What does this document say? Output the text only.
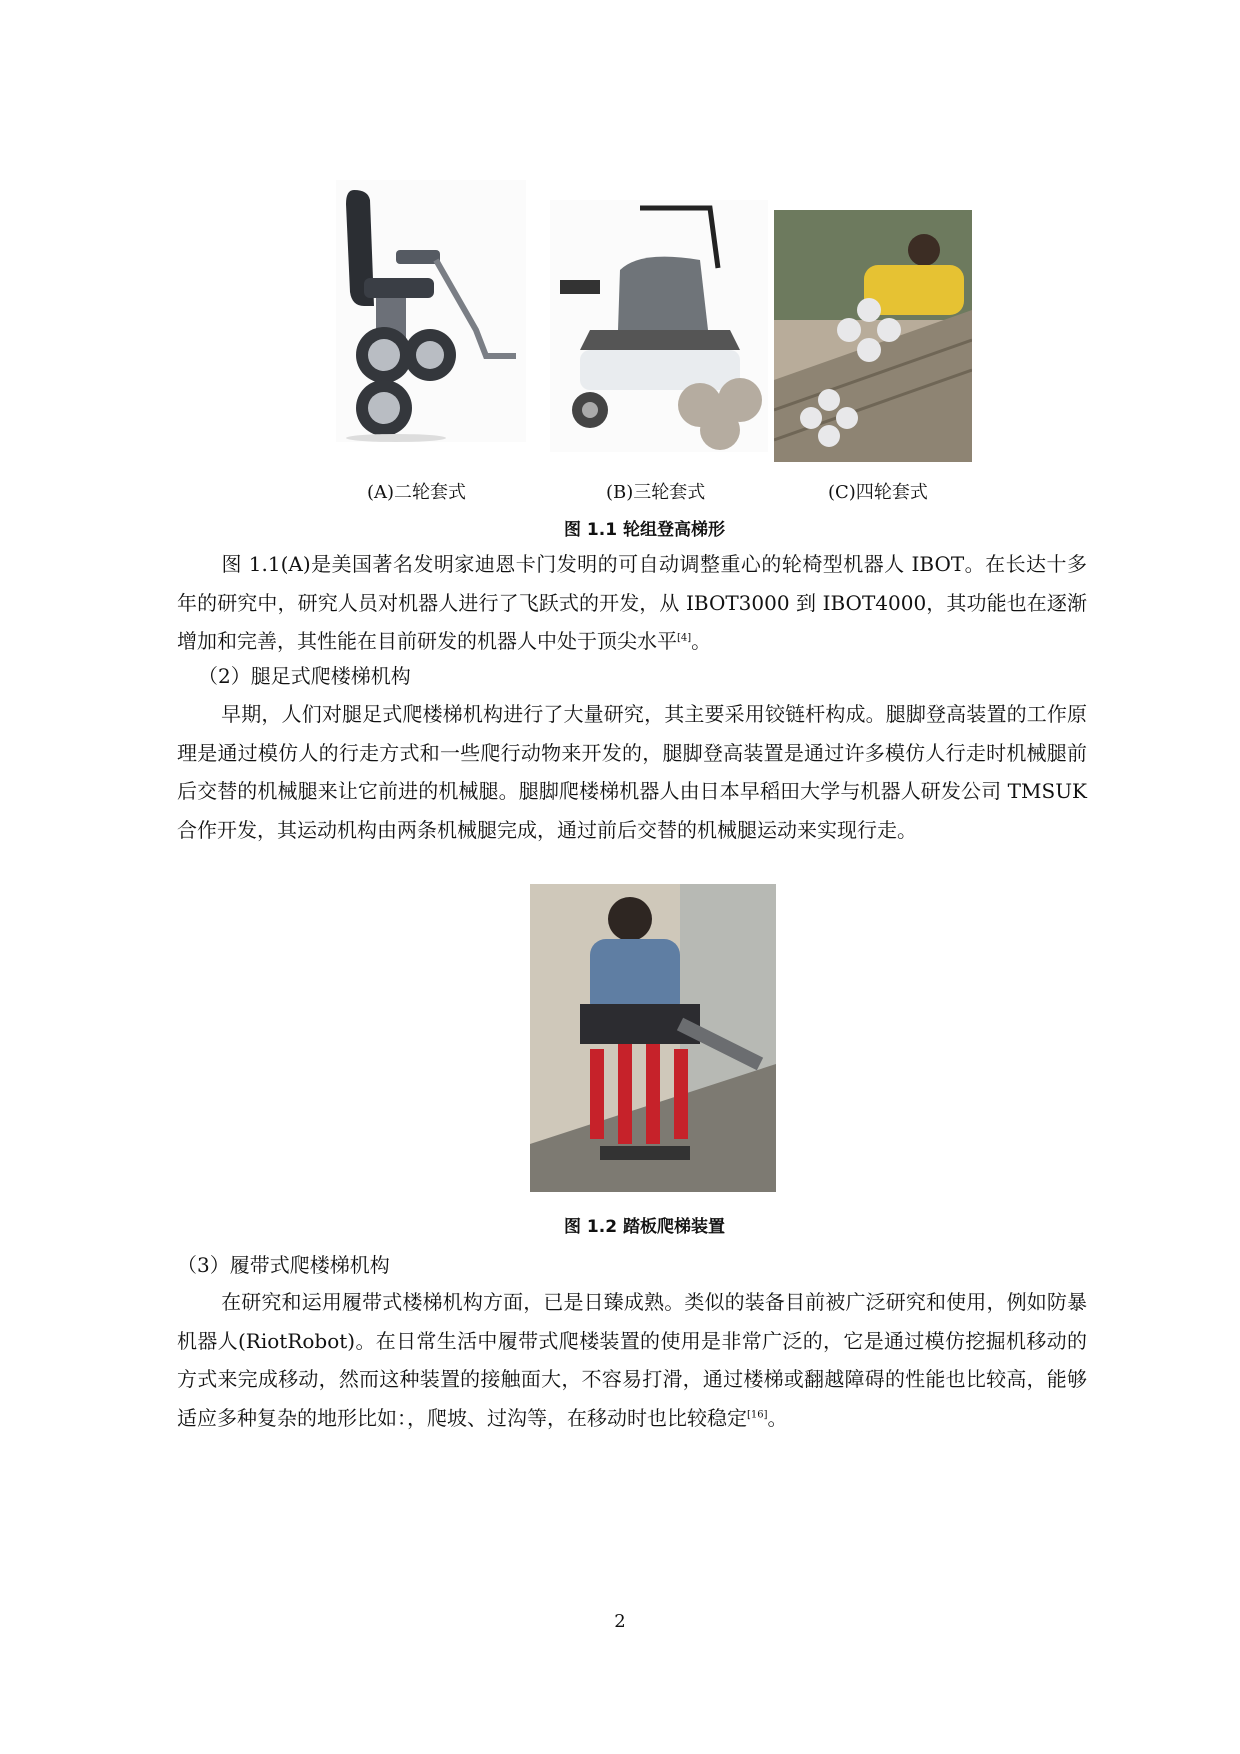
(A)二轮套式	(B)三轮套式	(C)四轮套式
图 1.1 轮组登高梯形
图 1.1(A)是美国著名发明家迪恩卡门发明的可自动调整重心的轮椅型机器人 IBOT。在长达十多年的研究中，研究人员对机器人进行了飞跃式的开发，从 IBOT3000 到 IBOT4000，其功能也在逐渐增加和完善，其性能在目前研发的机器人中处于顶尖水平[4]。
（2）腿足式爬楼梯机构
早期，人们对腿足式爬楼梯机构进行了大量研究，其主要采用铰链杆构成。腿脚登高装置的工作原理是通过模仿人的行走方式和一些爬行动物来开发的，腿脚登高装置是通过许多模仿人行走时机械腿前后交替的机械腿来让它前进的机械腿。腿脚爬楼梯机器人由日本早稻田大学与机器人研发公司 TMSUK 合作开发，其运动机构由两条机械腿完成，通过前后交替的机械腿运动来实现行走。
图 1.2 踏板爬梯装置
（3）履带式爬楼梯机构
在研究和运用履带式楼梯机构方面，已是日臻成熟。类似的装备目前被广泛研究和使用，例如防暴机器人(RiotRobot)。在日常生活中履带式爬楼装置的使用是非常广泛的，它是通过模仿挖掘机移动的方式来完成移动，然而这种装置的接触面大，不容易打滑，通过楼梯或翻越障碍的性能也比较高，能够适应多种复杂的地形比如：，爬坡、过沟等，在移动时也比较稳定[16]。
2
